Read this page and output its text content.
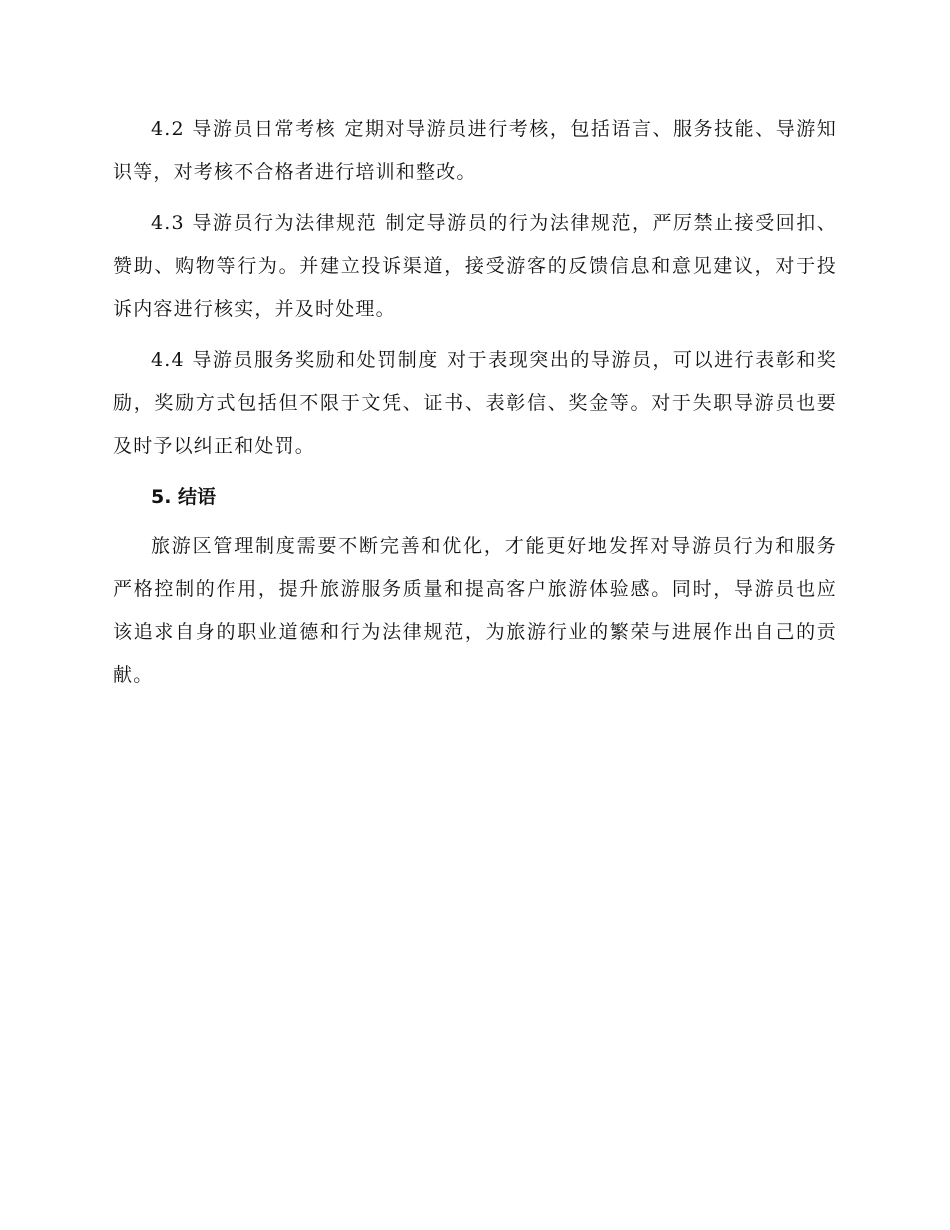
4.2 导游员日常考核 定期对导游员进行考核，包括语言、服务技能、导游知识等，对考核不合格者进行培训和整改。

4.3 导游员行为法律规范 制定导游员的行为法律规范，严厉禁止接受回扣、赞助、购物等行为。并建立投诉渠道，接受游客的反馈信息和意见建议，对于投诉内容进行核实，并及时处理。

4.4 导游员服务奖励和处罚制度 对于表现突出的导游员，可以进行表彰和奖励，奖励方式包括但不限于文凭、证书、表彰信、奖金等。对于失职导游员也要及时予以纠正和处罚。

5. 结语

旅游区管理制度需要不断完善和优化，才能更好地发挥对导游员行为和服务严格控制的作用，提升旅游服务质量和提高客户旅游体验感。同时，导游员也应该追求自身的职业道德和行为法律规范，为旅游行业的繁荣与进展作出自己的贡献。
